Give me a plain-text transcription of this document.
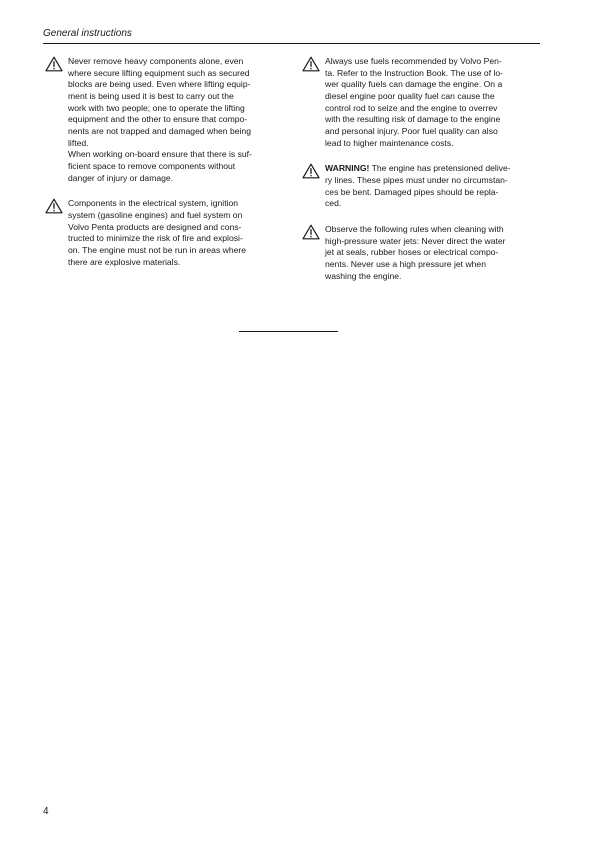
General instructions
Never remove heavy components alone, even
where secure lifting equipment such as secured
blocks are being used. Even where lifting equip-
ment is being used it is best to carry out the
work with two people; one to operate the lifting
equipment and the other to ensure that compo-
nents are not trapped and damaged when being
lifted.
When working on-board ensure that there is suf-
ficient space to remove components without
danger of injury or damage.
Components in the electrical system, ignition
system (gasoline engines) and fuel system on
Volvo Penta products are designed and cons-
tructed to minimize the risk of fire and explosi-
on. The engine must not be run in areas where
there are explosive materials.
Always use fuels recommended by Volvo Pen-
ta. Refer to the Instruction Book. The use of lo-
wer quality fuels can damage the engine. On a
diesel engine poor quality fuel can cause the
control rod to seize and the engine to overrev
with the resulting risk of damage to the engine
and personal injury. Poor fuel quality can also
lead to higher maintenance costs.
WARNING! The engine has pretensioned delive-
ry lines. These pipes must under no circumstan-
ces be bent. Damaged pipes should be repla-
ced.
Observe the following rules when cleaning with
high-pressure water jets: Never direct the water
jet at seals, rubber hoses or electrical compo-
nents. Never use a high pressure jet when
washing the engine.
4
